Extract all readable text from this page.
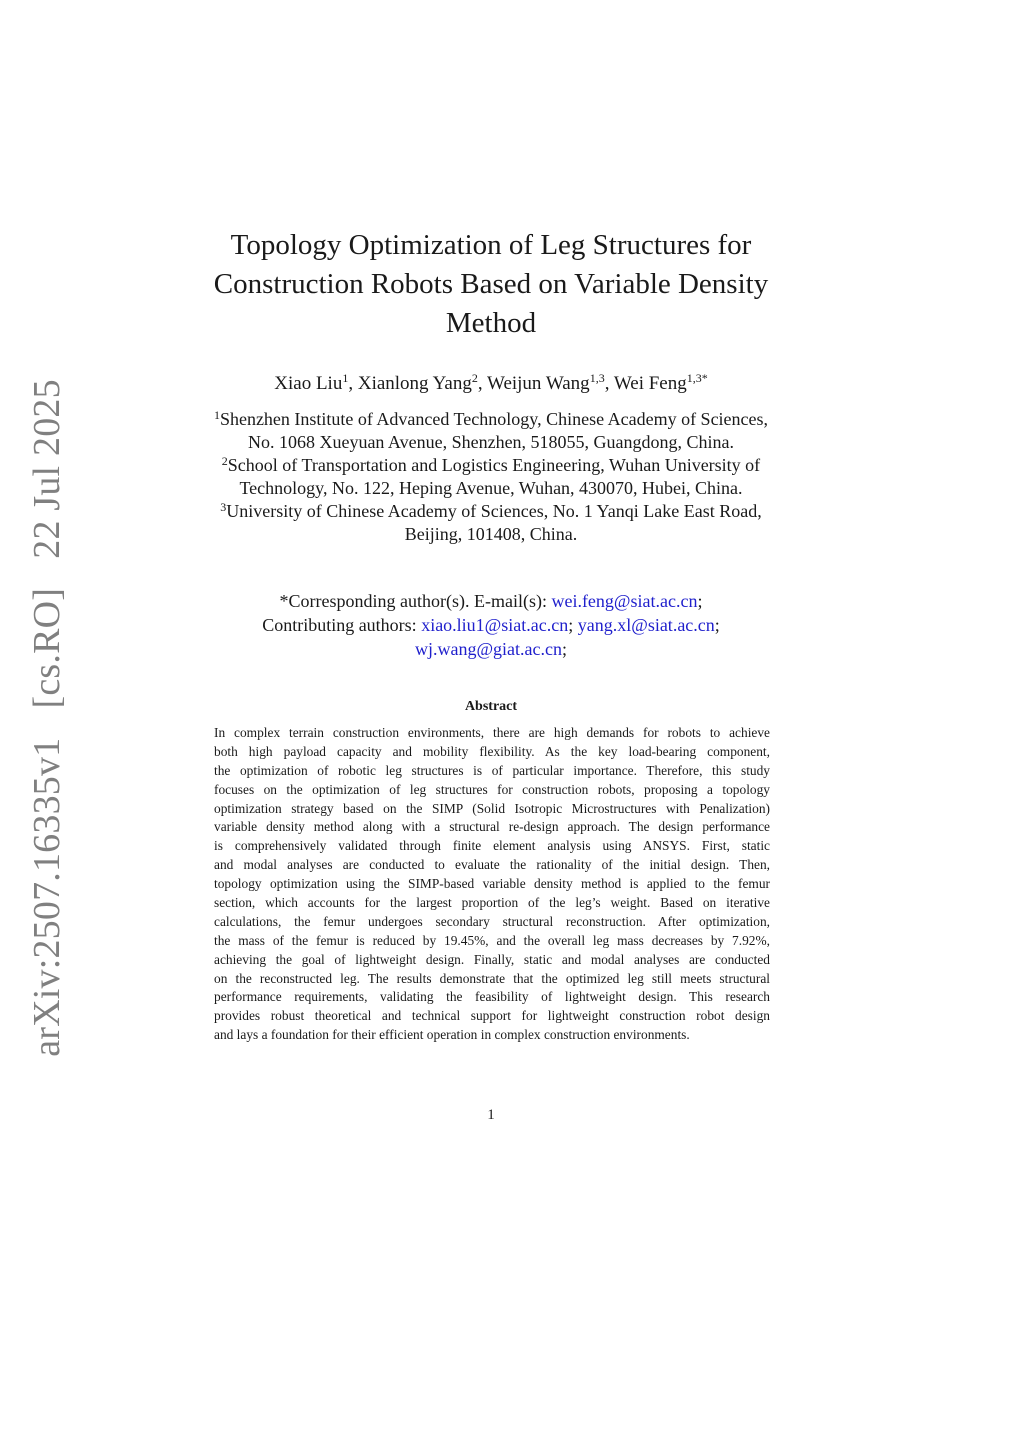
arXiv:2507.16335v1

[cs.RO]

22 Jul 2025
Topology Optimization of Leg Structures for
Construction Robots Based on Variable Density
Method
Xiao Liu$^1$, Xianlong Yang$^2$, Weijun Wang$^{1,3}$, Wei Feng$^{1,3*}$
$^1$Shenzhen Institute of Advanced Technology, Chinese Academy of Sciences,
No. 1068 Xueyuan Avenue, Shenzhen, 518055, Guangdong, China.
$^2$School of Transportation and Logistics Engineering, Wuhan University of
Technology, No. 122, Heping Avenue, Wuhan, 430070, Hubei, China.
$^3$University of Chinese Academy of Sciences, No. 1 Yanqi Lake East Road,
Beijing, 101408, China.
*Corresponding author(s). E-mail(s): wei.feng@siat.ac.cn;
Contributing authors: xiao.liu1@siat.ac.cn; yang.xl@siat.ac.cn;
wj.wang@giat.ac.cn;
Abstract
In complex terrain construction environments, there are high demands for robots to achieve
both high payload capacity and mobility flexibility. As the key load-bearing component,
the optimization of robotic leg structures is of particular importance. Therefore, this study
focuses on the optimization of leg structures for construction robots, proposing a topology
optimization strategy based on the SIMP (Solid Isotropic Microstructures with Penalization)
variable density method along with a structural re-design approach. The design performance
is comprehensively validated through finite element analysis using ANSYS. First, static
and modal analyses are conducted to evaluate the rationality of the initial design. Then,
topology optimization using the SIMP-based variable density method is applied to the femur
section, which accounts for the largest proportion of the leg’s weight. Based on iterative
calculations, the femur undergoes secondary structural reconstruction. After optimization,
the mass of the femur is reduced by 19.45%, and the overall leg mass decreases by 7.92%,
achieving the goal of lightweight design. Finally, static and modal analyses are conducted
on the reconstructed leg. The results demonstrate that the optimized leg still meets structural
performance requirements, validating the feasibility of lightweight design. This research
provides robust theoretical and technical support for lightweight construction robot design
and lays a foundation for their efficient operation in complex construction environments.
1
